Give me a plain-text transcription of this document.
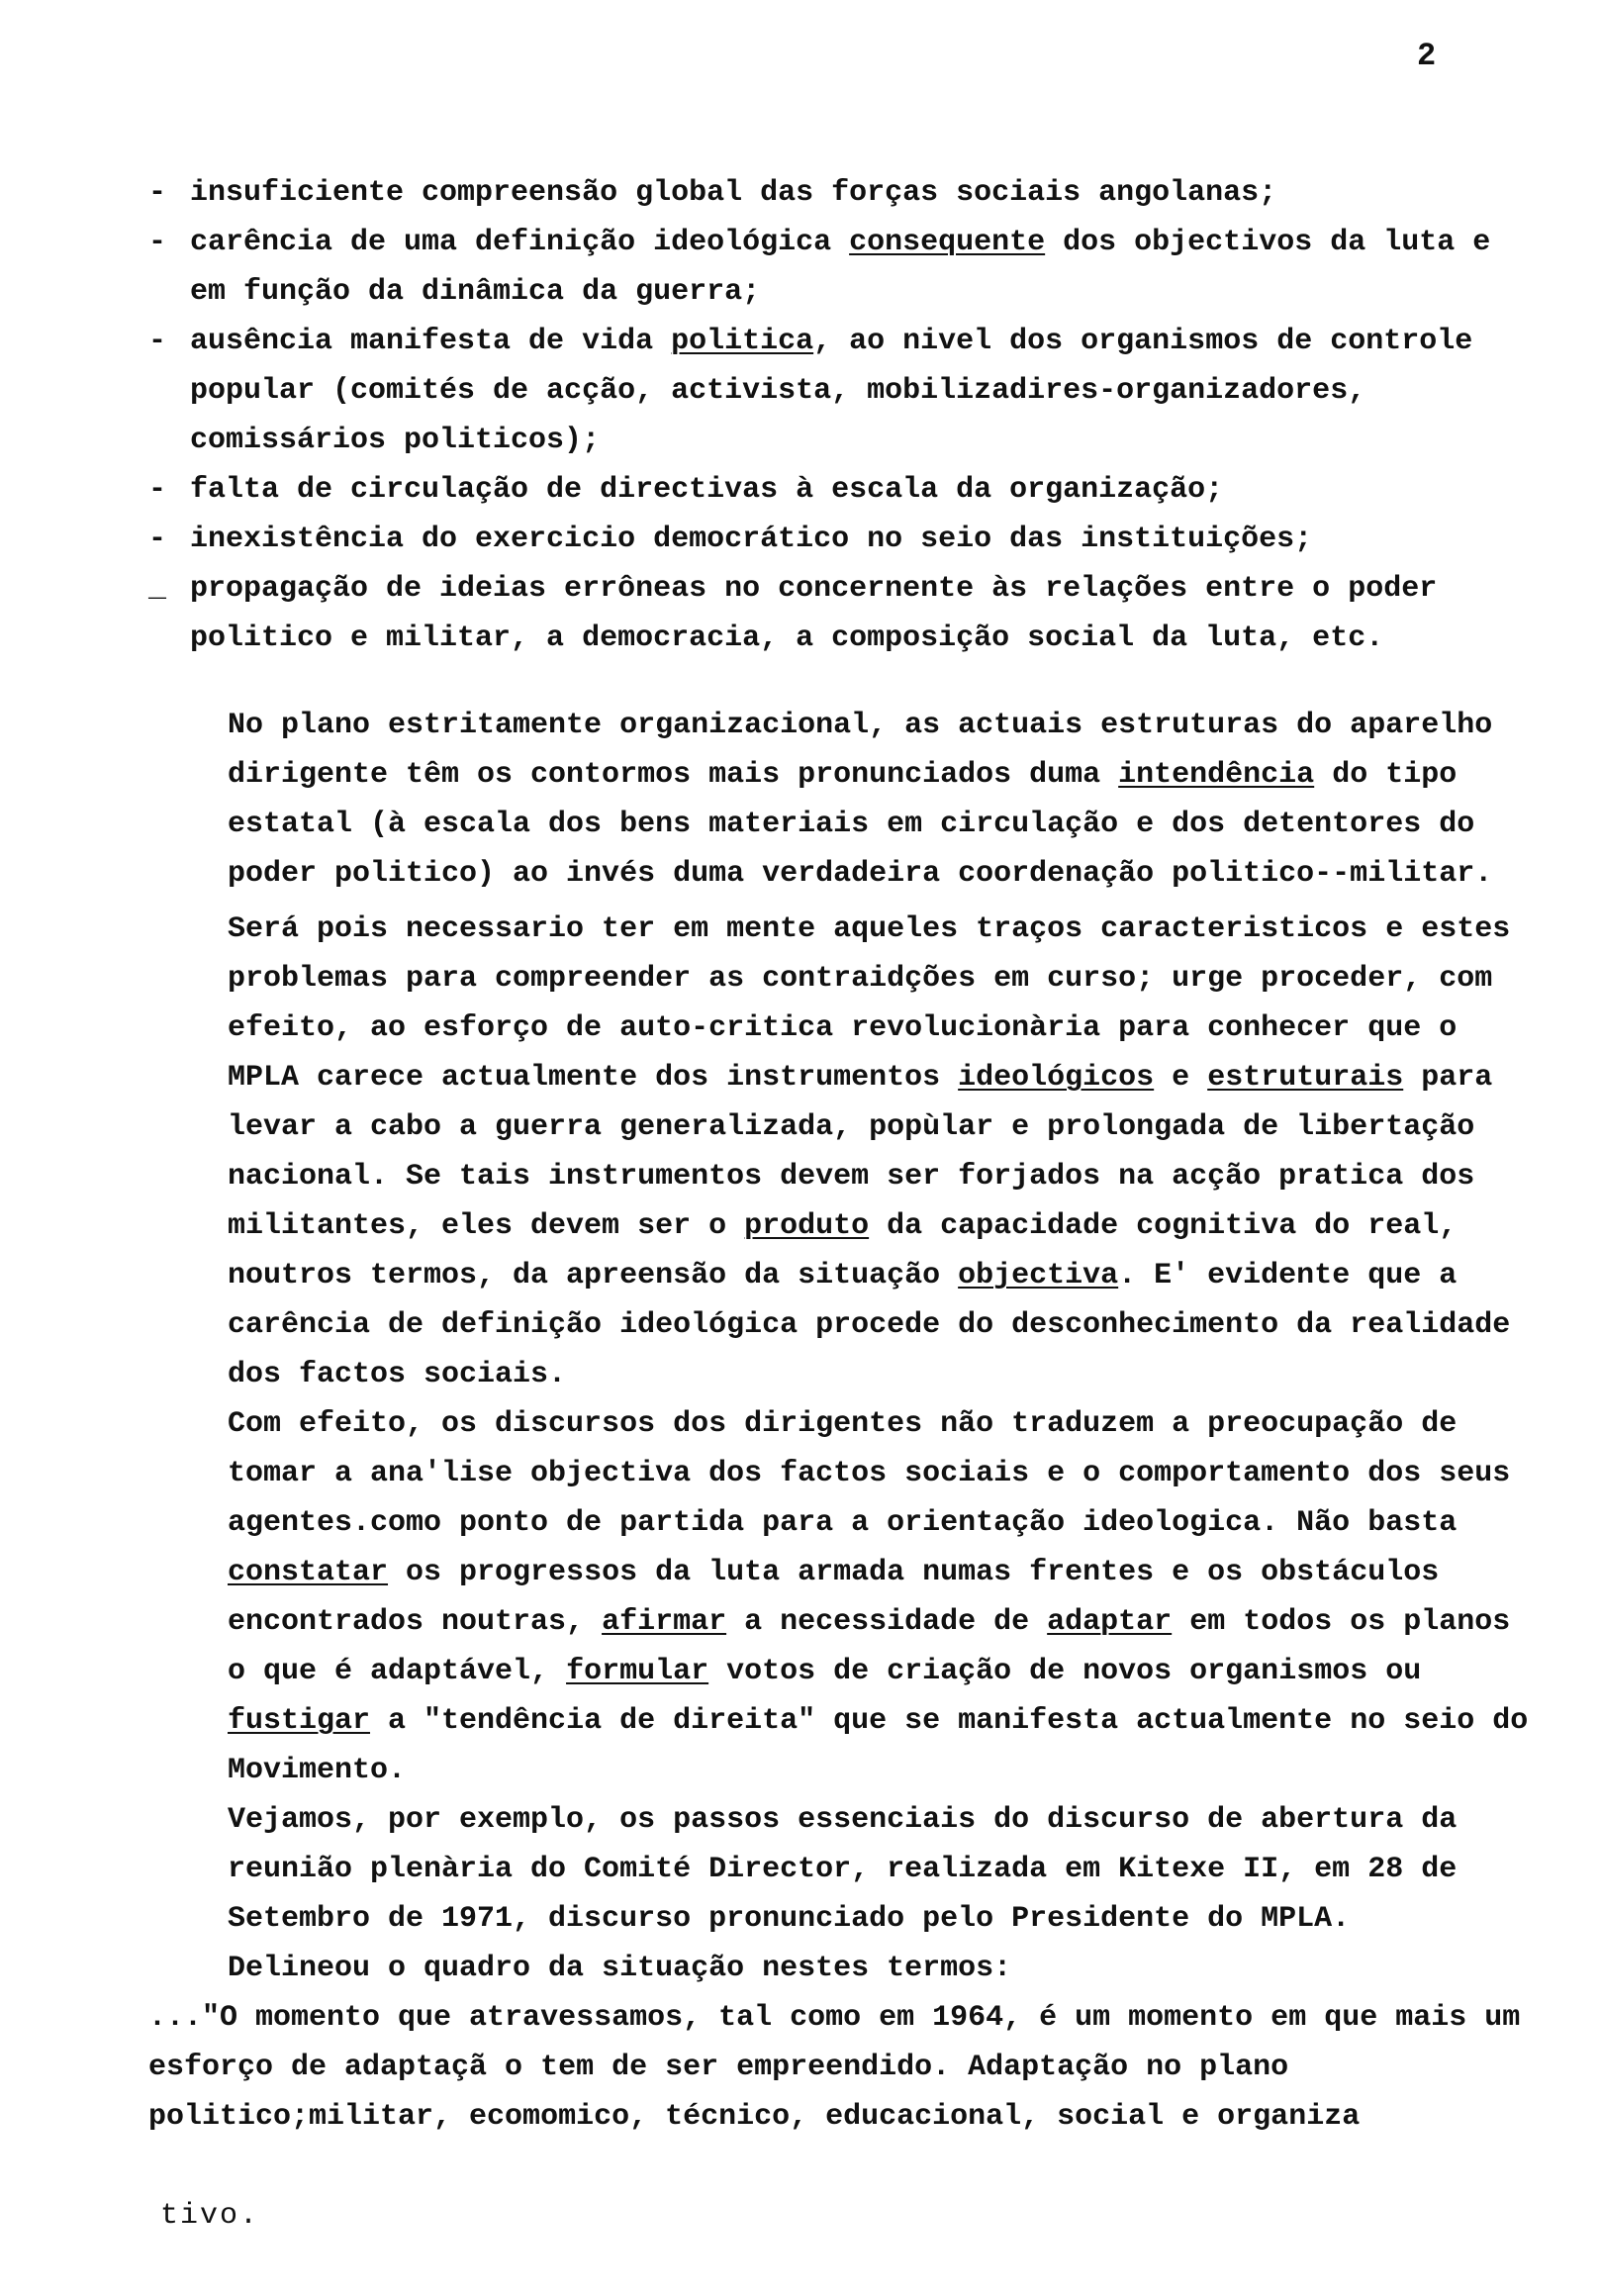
2
- insuficiente compreensão global das forças sociais angolanas;
- carência de uma definição ideológica consequente dos objectivos da luta e em função da dinâmica da guerra;
- ausência manifesta de vida politica, ao nivel dos organismos de controle popular (comités de acção, activista, mobilizadires-organizadores, comissários politicos);
- falta de circulação de directivas à escala da organização;
- inexistência do exercicio democrático no seio das instituições;
_ propagação de ideias errôneas no concernente às relações entre o poder politico e militar, a democracia, a composição social da luta, etc.

No plano estritamente organizacional, as actuais estruturas do aparelho dirigente têm os contormos mais pronunciados duma intendência do tipo estatal (à escala dos bens materiais em circulação e dos detentores do poder politico) ao invés duma verdadeira coordenação politico--militar.

Será pois necessario ter em mente aqueles traços caracteristicos e estes problemas para compreender as contraidções em curso; urge proceder, com efeito, ao esforço de auto-critica revolucionària para conhecer que o MPLA carece actualmente dos instrumentos ideológicos e estruturais para levar a cabo a guerra generalizada, popùlar e prolongada de libertação nacional. Se tais instrumentos devem ser forjados na acção pratica dos militantes, eles devem ser o produto da capacidade cognitiva do real, noutros termos, da apreensão da situação objectiva. E' evidente que a carência de definição ideológica procede do desconhecimento da realidade dos factos sociais.

Com efeito, os discursos dos dirigentes não traduzem a preocupação de tomar a ana'lise objectiva dos factos sociais e o comportamento dos seus agentes.como ponto de partida para a orientação ideologica. Não basta constatar os progressos da luta armada numas frentes e os obstáculos encontrados noutras, afirmar a necessidade de adaptar em todos os planos o que é adaptável, formular votos de criação de novos organismos ou fustigar a "tendência de direita" que se manifesta actualmente no seio do Movimento.

Vejamos, por exemplo, os passos essenciais do discurso de abertura da reunião plenària do Comité Director, realizada em Kitexe II, em 28 de Setembro de 1971, discurso pronunciado pelo Presidente do MPLA.

Delineou o quadro da situação nestes termos:

..."O momento que atravessamos, tal como em 1964, é um momento em que mais um esforço de adaptaçã o tem de ser empreendido. Adaptação no plano politico;militar, ecomomico, técnico, educacional, social e organiza

tivo.
